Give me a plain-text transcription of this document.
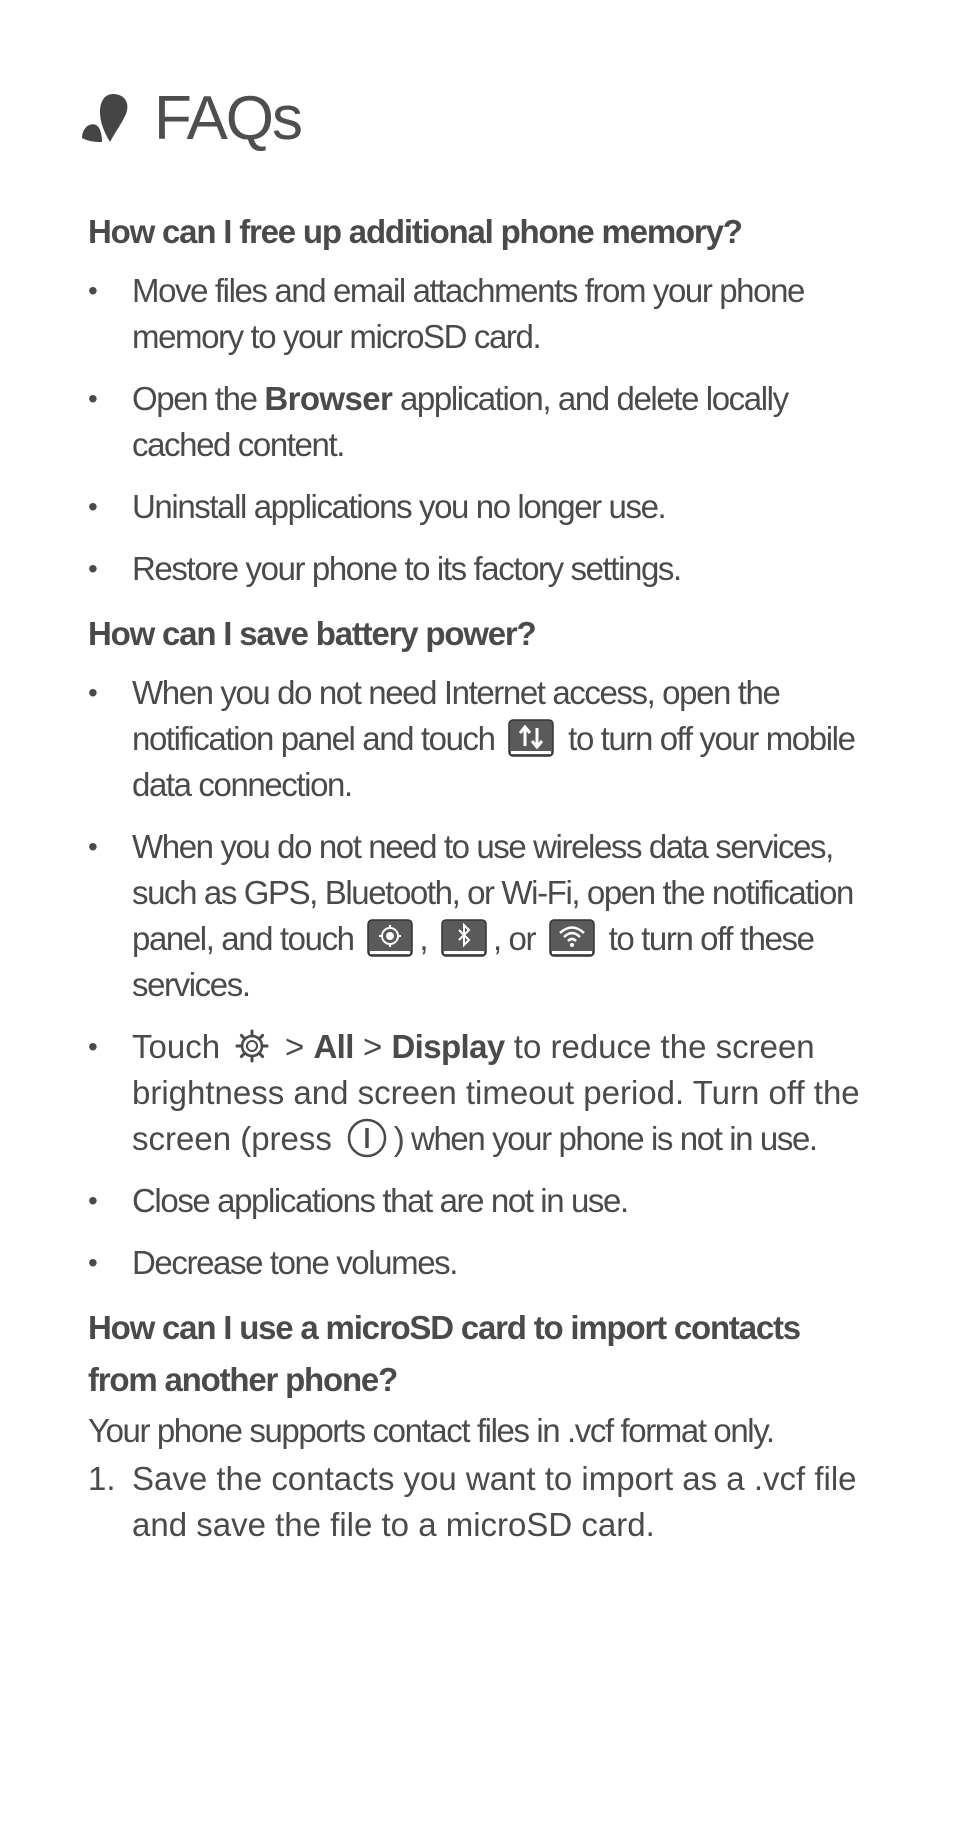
FAQs

How can I free up additional phone memory?

• Move files and email attachments from your phone memory to your microSD card.
• Open the Browser application, and delete locally cached content.
• Uninstall applications you no longer use.
• Restore your phone to its factory settings.

How can I save battery power?

• When you do not need Internet access, open the notification panel and touch to turn off your mobile data connection.
• When you do not need to use wireless data services, such as GPS, Bluetooth, or Wi-Fi, open the notification panel, and touch , , or to turn off these services.
• Touch
> All > Display to reduce the screen brightness and screen timeout period. Turn off the screen (press ) when your phone is not in use.
• Close applications that are not in use.
• Decrease tone volumes.

How can I use a microSD card to import contacts from another phone?

Your phone supports contact files in .vcf format only.

1. Save the contacts you want to import as a .vcf file and save the file to a microSD card.
